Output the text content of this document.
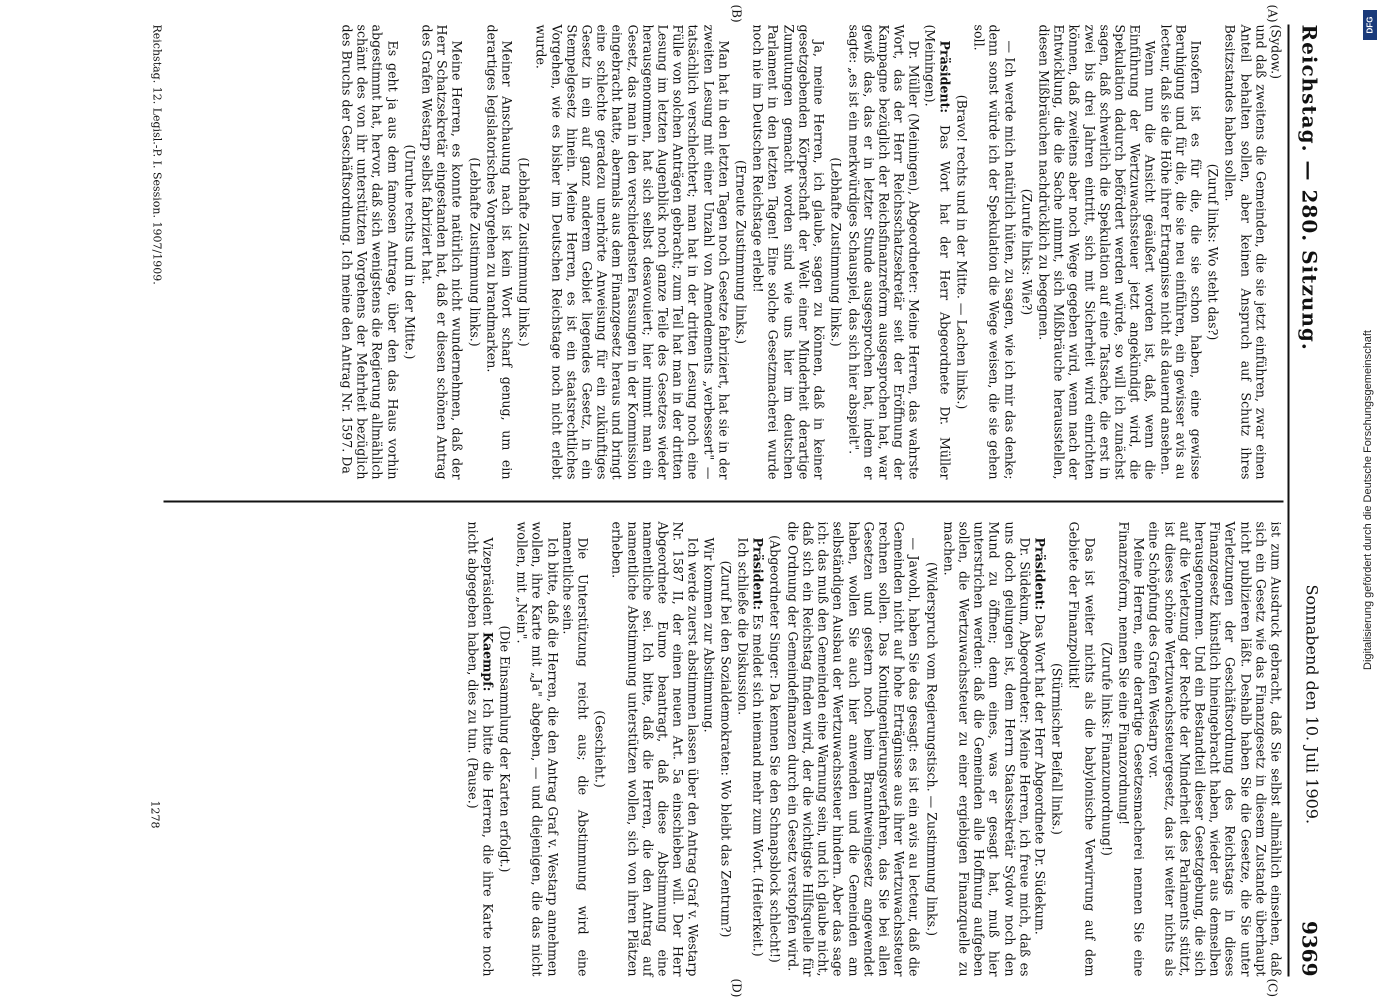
Reichstag. — 280. Sitzung.
Sonnabend den 10. Juli 1909.
9369
(A)
(B)
(C)
(D)

(Sydow.)

und daß zweitens die Gemeinden, die sie jetzt einführen, zwar einen Anteil behalten sollen, aber keinen Anspruch auf Schutz ihres Besitzstandes haben sollen.

(Zuruf links: Wo steht das?)

Insofern ist es für die, die sie schon haben, eine gewisse Beruhigung und für die, die sie neu einführen, ein gewisser avis au lecteur, daß sie die Höhe ihrer Ertragnisse nicht als dauernd ansehen.

Wenn nun die Ansicht geäußert worden ist, daß, wenn die Einführung der Wertzuwachssteuer jetzt angekündigt wird, die Spekulation dadurch befördert werden würde, so will ich zunächst sagen, daß schwerlich die Spekulation auf eine Tatsache, die erst in zwei bis drei Jahren eintritt, sich mit Sicherheit wird einrichten können, daß zweitens aber noch Wege gegeben wird, wenn nach der Entwicklung, die die Sache nimmt, sich Mißbräuche herausstellen, diesen Mißbräuchen nachdrücklich zu begegnen.

(Zurufe links: Wie?)

— Ich werde mich natürlich hüten, zu sagen, wie ich mir das denke; denn sonst würde ich der Spekulation die Wege weisen, die sie gehen soll.

(Bravo! rechts und in der Mitte. — Lachen links.)

Präsident: Das Wort hat der Herr Abgeordnete Dr. Müller (Meiningen).

Dr. Müller (Meiningen), Abgeordneter: Meine Herren, das wahrste Wort, das der Herr Reichsschatzsekretär seit der Eröffnung der Kampagne bezüglich der Reichsfinanzreform ausgesprochen hat, war gewiß das, das er in letzter Stunde ausgesprochen hat, indem er sagte: „es ist ein merkwürdiges Schauspiel, das sich hier abspielt".

(Lebhafte Zustimmung links.)

Ja, meine Herren, ich glaube, sagen zu können, daß in keiner gesetzgebenden Körperschaft der Welt einer Minderheit derartige Zumutungen gemacht worden sind wie uns hier im deutschen Parlament in den letzten Tagen! Eine solche Gesetzmacherei wurde noch nie im Deutschen Reichstage erlebt!

(Erneute Zustimmung links.)

Man hat in den letzten Tagen noch Gesetze fabriziert, hat sie in der zweiten Lesung mit einer Unzahl von Amendements „verbessert" — tatsächlich verschlechtert; man hat in der dritten Lesung noch eine Fülle von solchen Anträgen gebracht; zum Teil hat man in der dritten Lesung im letzten Augenblick noch ganze Teile des Gesetzes wieder herausgenommen, hat sich selbst desavouiert; hier nimmt man ein Gesetz, das man in den verschiedensten Fassungen in der Kommission eingebracht hatte, abermals aus dem Finanzgesetz heraus und bringt eine schlechte geradezu unerhörte Anweisung für ein zukünftiges Gesetz in ein auf ganz anderem Gebiet liegendes Gesetz, in ein Stempelgesetz hinein. Meine Herren, es ist ein staatsrechtliches Vorgehen, wie es bisher im Deutschen Reichstage noch nicht erlebt wurde.

(Lebhafte Zustimmung links.)

Meiner Anschauung nach ist kein Wort scharf genug, um ein derartiges legislatorisches Vorgehen zu brandmarken.

(Lebhafte Zustimmung links.)

Meine Herren, es konnte natürlich nicht wundernehmen, daß der Herr Schatzsekretär eingestanden hat, daß er diesen schönen Antrag des Grafen Westarp selbst fabriziert hat.

(Unruhe rechts und in der Mitte.)

Es geht ja aus dem famosen Antrage, über den das Haus vorhin abgestimmt hat, hervor, daß sich wenigstens die Regierung allmählich schämt des von ihr unterstützten Vorgehens der Mehrheit bezüglich des Bruchs der Geschäftsordnung. Ich meine den Antrag Nr. 1597. Da

ist zum Ausdruck gebracht, daß Sie selbst allmählich einsehen, daß sich ein Gesetz wie das Finanzgesetz in diesem Zustande überhaupt nicht publizieren läßt. Deshalb haben Sie die Gesetze, die Sie unter Verletzungen der Geschäftsordnung des Reichstags in dieses Finanzgesetz künstlich hineingebracht haben, wieder aus demselben herausgenommen. Und ein Bestandteil dieser Gesetzgebung, die sich auf die Verletzung der Rechte der Minderheit des Parlaments stützt, ist dieses schöne Wertzuwachssteuergesetz, das ist weiter nichts als eine Schöpfung des Grafen Westarp vor.

Meine Herren, eine derartige Gesetzesmacherei nennen Sie eine Finanzreform, nennen Sie eine Finanzordnung!

(Zurufe links: Finanzunordnung!)

Das ist weiter nichts als die babylonische Verwirrung auf dem Gebiete der Finanzpolitik!

(Stürmischer Beifall links.)

Präsident: Das Wort hat der Herr Abgeordnete Dr. Südekum.

Dr. Südekum, Abgeordneter: Meine Herren, ich freue mich, daß es uns doch gelungen ist, dem Herrn Staatssekretär Sydow noch den Mund zu öffnen; denn eines, was er gesagt hat, muß hier unterstrichen werden: daß die Gemeinden alle Hoffnung aufgeben sollen, die Wertzuwachssteuer zu einer ergiebigen Finanzquelle zu machen.

(Widerspruch vom Regierungstisch. — Zustimmung links.)

— Jawohl, haben Sie das gesagt: es ist ein avis au lecteur, daß die Gemeinden nicht auf hohe Erträgnisse aus ihrer Wertzuwachssteuer rechnen sollen. Das Kontingentierungsverfahren, das Sie bei allen Gesetzen und gestern noch beim Branntweingesetz angewendet haben, wollen Sie auch hier anwenden und die Gemeinden am selbständigen Ausbau der Wertzuwachssteuer hindern. Aber das sage ich: das muß den Gemeinden eine Warnung sein, und ich glaube nicht, daß sich ein Reichstag finden wird, der die wichtigste Hilfsquelle für die Ordnung der Gemeindefinanzen durch ein Gesetz verstopfen wird.

(Abgeordneter Singer: Da kennen Sie den Schnapsblock schlecht!)

Präsident: Es meldet sich niemand mehr zum Wort. (Heiterkeit.)

Ich schließe die Diskussion.

(Zuruf bei den Sozialdemokraten: Wo bleibt das Zentrum?)

Wir kommen zur Abstimmung.

Ich werde zuerst abstimmen lassen über den Antrag Graf v. Westarp Nr. 1587 II, der einen neuen Art. 5a einschieben will. Der Herr Abgeordnete Eumo beantragt, daß diese Abstimmung eine namentliche sei. Ich bitte, daß die Herren, die den Antrag auf namentliche Abstimmung unterstützen wollen, sich von ihren Plätzen erheben.

(Geschieht.)

Die Unterstützung reicht aus; die Abstimmung wird eine namentliche sein.

Ich bitte, daß die Herren, die den Antrag Graf v. Westarp annehmen wollen, ihre Karte mit „Ja" abgeben, — und diejenigen, die das nicht wollen, mit „Nein".

(Die Einsammlung der Karten erfolgt.)

Vizepräsident Kaempf: Ich bitte die Herren, die ihre Karte noch nicht abgegeben haben, dies zu tun. (Pause.)

Reichstag. 12. Legisl.-P. I. Session. 1907/1909.
1278
Digitalisierung gefördert durch die Deutsche Forschungsgemeinschaft
DFG
